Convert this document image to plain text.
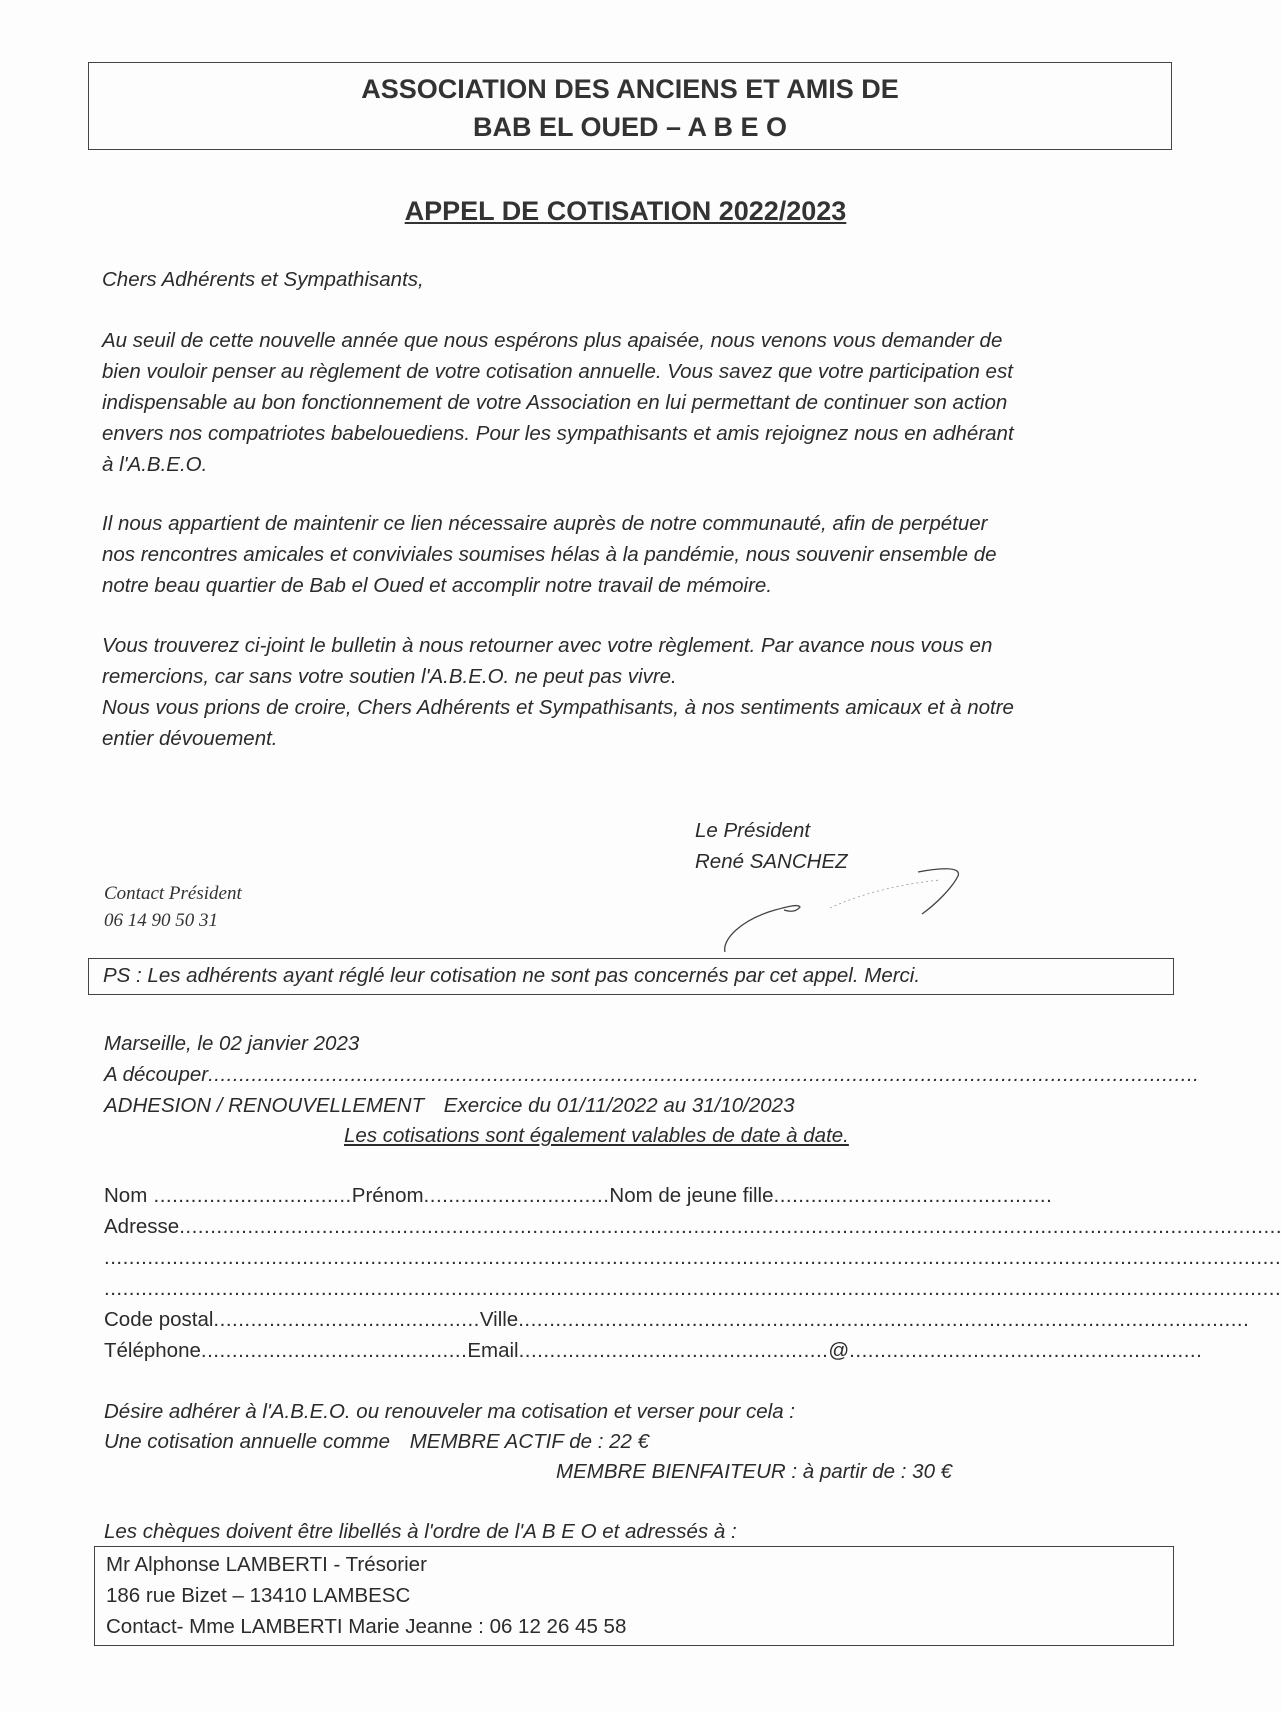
ASSOCIATION DES ANCIENS ET AMIS DE
BAB EL OUED – A B E O
APPEL DE COTISATION 2022/2023
Chers Adhérents et Sympathisants,
Au seuil de cette nouvelle année que nous espérons plus apaisée, nous venons vous demander de
bien vouloir penser au règlement de votre cotisation annuelle. Vous savez que votre participation est
indispensable au bon fonctionnement de votre Association en lui permettant de continuer son action
envers nos compatriotes babelouediens. Pour les sympathisants et amis rejoignez nous en adhérant
à l'A.B.E.O.
Il nous appartient de maintenir ce lien nécessaire auprès de notre communauté, afin de perpétuer
nos rencontres amicales et conviviales soumises hélas à la pandémie, nous souvenir ensemble de
notre beau quartier de Bab el Oued et accomplir notre travail de mémoire.
Vous trouverez ci-joint le bulletin à nous retourner avec votre règlement. Par avance nous vous en
remercions, car sans votre soutien l'A.B.E.O. ne peut pas vivre.
Nous vous prions de croire, Chers Adhérents et Sympathisants, à nos sentiments amicaux et à notre
entier dévouement.
Le Président
René SANCHEZ
Contact Président
06 14 90 50 31
PS : Les adhérents ayant réglé leur cotisation ne sont pas concernés par cet appel. Merci.
Marseille, le 02 janvier 2023
A découper................................................................................................................................................................
ADHESION / RENOUVELLEMENT Exercice du 01/11/2022 au 31/10/2023
Les cotisations sont également valables de date à date.
Nom ................................Prénom..............................Nom de jeune fille.............................................
Adresse..................................................................................................................................................................................
..............................................................................................................................................................................................
..............................................................................................................................................................................................
Code postal...........................................Ville......................................................................................................................
Téléphone...........................................Email..................................................@.........................................................
Désire adhérer à l'A.B.E.O. ou renouveler ma cotisation et verser pour cela :
Une cotisation annuelle comme MEMBRE ACTIF de : 22 €
MEMBRE BIENFAITEUR : à partir de : 30 €
Les chèques doivent être libellés à l'ordre de l'A B E O et adressés à :
Mr Alphonse LAMBERTI - Trésorier
186 rue Bizet – 13410 LAMBESC
Contact- Mme LAMBERTI Marie Jeanne : 06 12 26 45 58
